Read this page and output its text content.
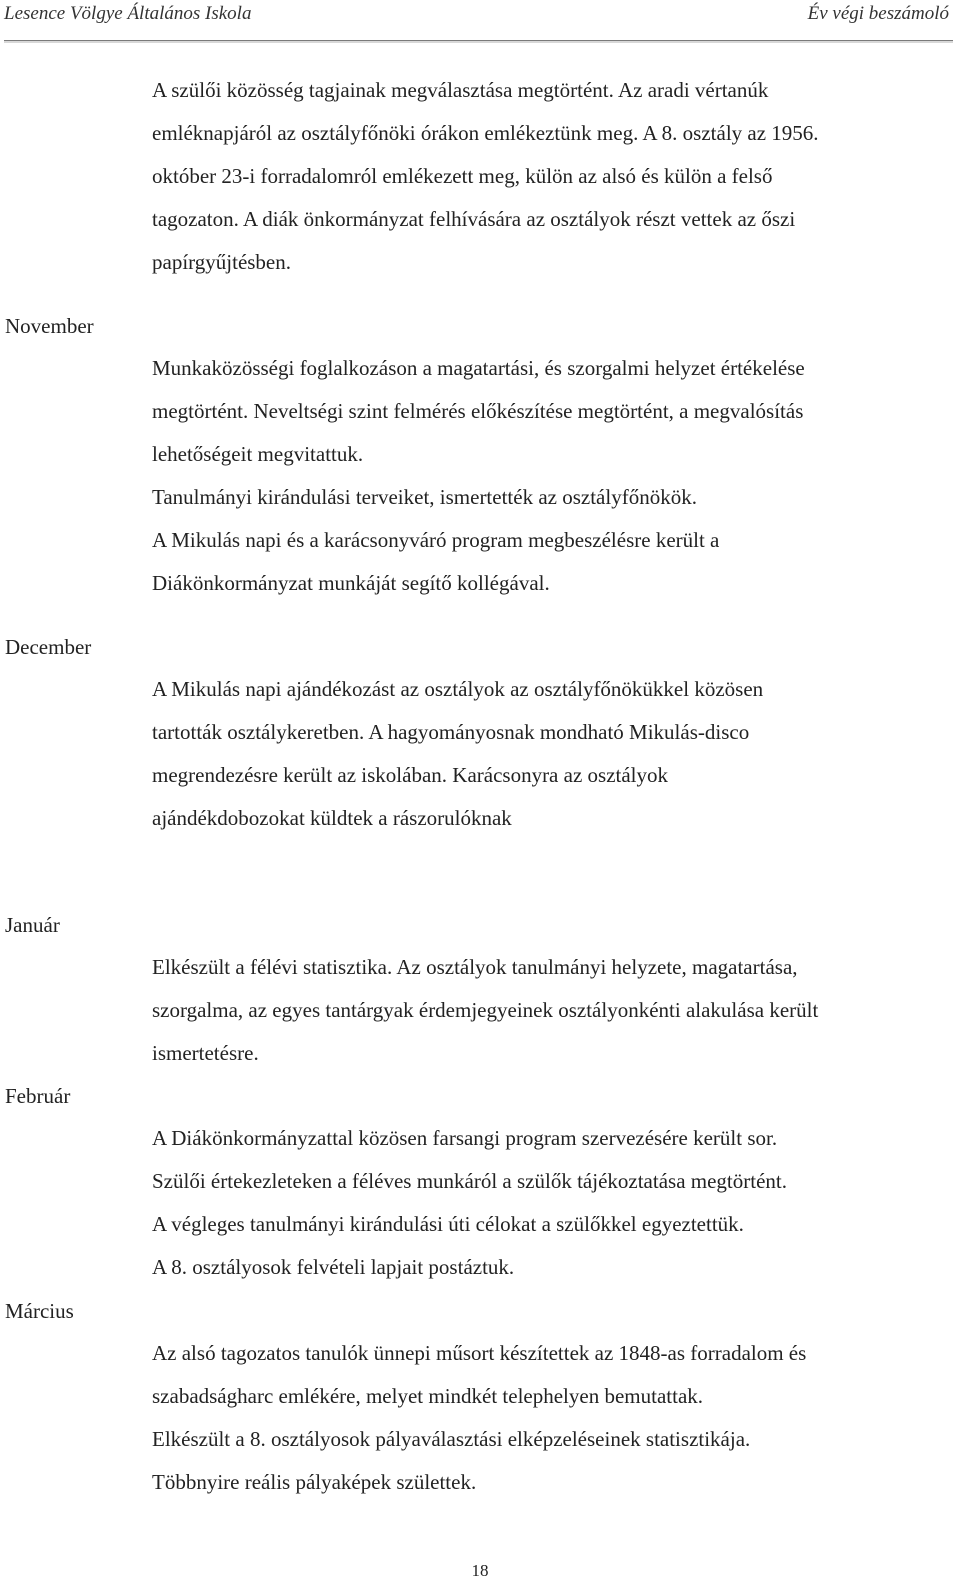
Lesence Völgye Általános Iskola	Év végi beszámoló

A szülői közösség tagjainak megválasztása megtörtént. Az aradi vértanúk

emléknapjáról az osztályfőnöki órákon emlékeztünk meg. A 8. osztály az 1956.

október 23-i forradalomról emlékezett meg, külön az alsó és külön a felső

tagozaton. A diák önkormányzat felhívására az osztályok részt vettek az őszi

papírgyűjtésben.

November

Munkaközösségi foglalkozáson a magatartási, és szorgalmi helyzet értékelése

megtörtént. Neveltségi szint felmérés előkészítése megtörtént, a megvalósítás

lehetőségeit megvitattuk.

Tanulmányi kirándulási terveiket, ismertették az osztályfőnökök.

A Mikulás napi és a karácsonyváró program megbeszélésre került a

Diákönkormányzat munkáját segítő kollégával.

December

A Mikulás napi ajándékozást az osztályok az osztályfőnökükkel közösen

tartották osztálykeretben. A hagyományosnak mondható Mikulás-disco

megrendezésre került az iskolában. Karácsonyra az osztályok

ajándékdobozokat küldtek a rászorulóknak

Január

Elkészült a félévi statisztika. Az osztályok tanulmányi helyzete, magatartása,

szorgalma, az egyes tantárgyak érdemjegyeinek osztályonkénti alakulása került

ismertetésre.

Február

A Diákönkormányzattal közösen farsangi program szervezésére került sor.

Szülői értekezleteken a féléves munkáról a szülők tájékoztatása megtörtént.

A végleges tanulmányi kirándulási úti célokat a szülőkkel egyeztettük.

A 8. osztályosok felvételi lapjait postáztuk.

Március

Az alsó tagozatos tanulók ünnepi műsort készítettek az 1848-as forradalom és

szabadságharc emlékére, melyet mindkét telephelyen bemutattak.

Elkészült a 8. osztályosok pályaválasztási elképzeléseinek statisztikája.

Többnyire reális pályaképek születtek.

18
